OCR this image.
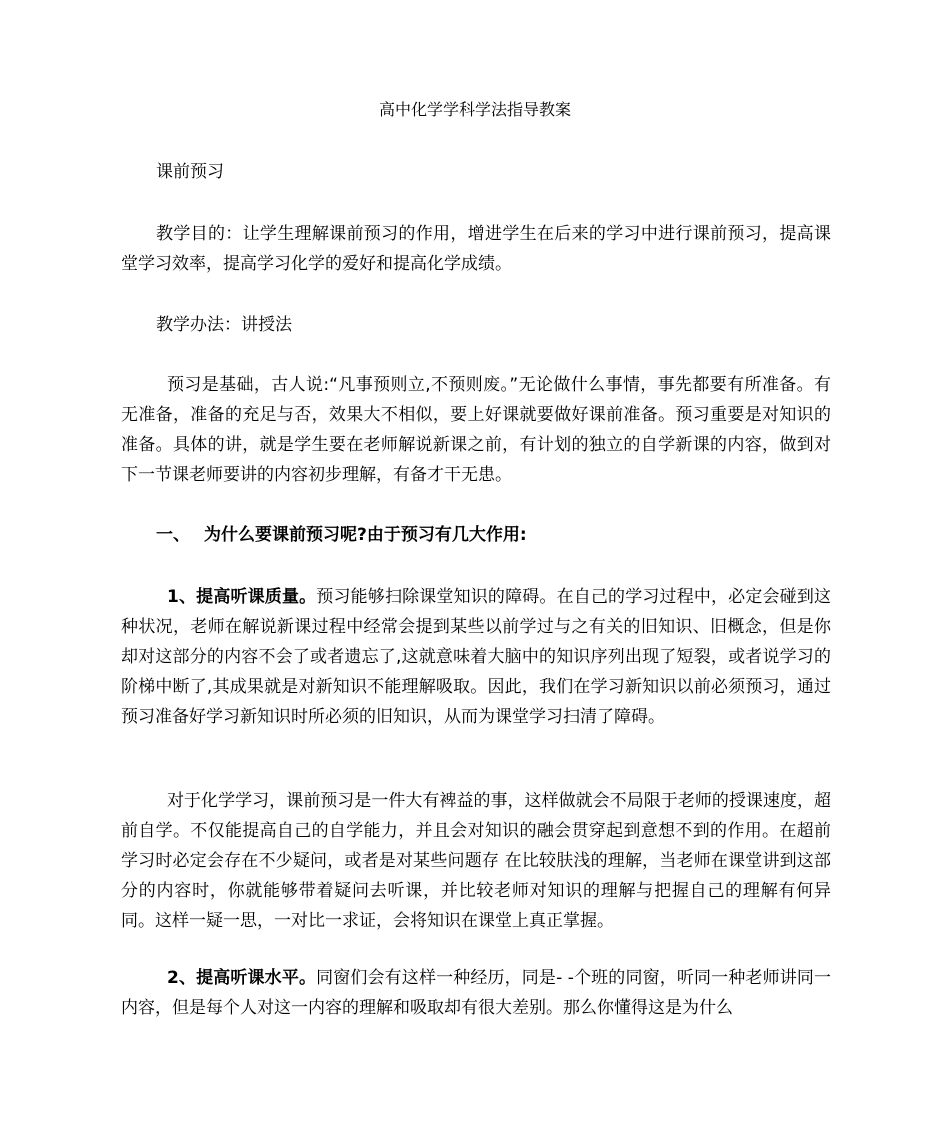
高中化学学科学法指导教案

课前预习

教学目的：让学生理解课前预习的作用，增进学生在后来的学习中进行课前预习，提高课堂学习效率，提高学习化学的爱好和提高化学成绩。

教学办法：讲授法

预习是基础，古人说:“凡事预则立,不预则废。”无论做什么事情，事先都要有所准备。有无准备，准备的充足与否，效果大不相似，要上好课就要做好课前准备。预习重要是对知识的准备。具体的讲，就是学生要在老师解说新课之前，有计划的独立的自学新课的内容，做到对下一节课老师要讲的内容初步理解，有备才干无患。

一、 为什么要课前预习呢?由于预习有几大作用:

1、提高听课质量。预习能够扫除课堂知识的障碍。在自己的学习过程中，必定会碰到这种状况，老师在解说新课过程中经常会提到某些以前学过与之有关的旧知识、旧概念，但是你却对这部分的内容不会了或者遗忘了,这就意味着大脑中的知识序列出现了短裂，或者说学习的阶梯中断了,其成果就是对新知识不能理解吸取。因此，我们在学习新知识以前必须预习，通过预习准备好学习新知识时所必须的旧知识，从而为课堂学习扫清了障碍。

对于化学学习，课前预习是一件大有裨益的事，这样做就会不局限于老师的授课速度，超前自学。不仅能提高自己的自学能力，并且会对知识的融会贯穿起到意想不到的作用。在超前学习时必定会存在不少疑问，或者是对某些问题存 在比较肤浅的理解，当老师在课堂讲到这部分的内容时，你就能够带着疑问去听课，并比较老师对知识的理解与把握自己的理解有何异同。这样一疑一思，一对比一求证，会将知识在课堂上真正掌握。

2、提高听课水平。同窗们会有这样一种经历，同是- -个班的同窗，听同一种老师讲同一内容，但是每个人对这一内容的理解和吸取却有很大差别。那么你懂得这是为什么
